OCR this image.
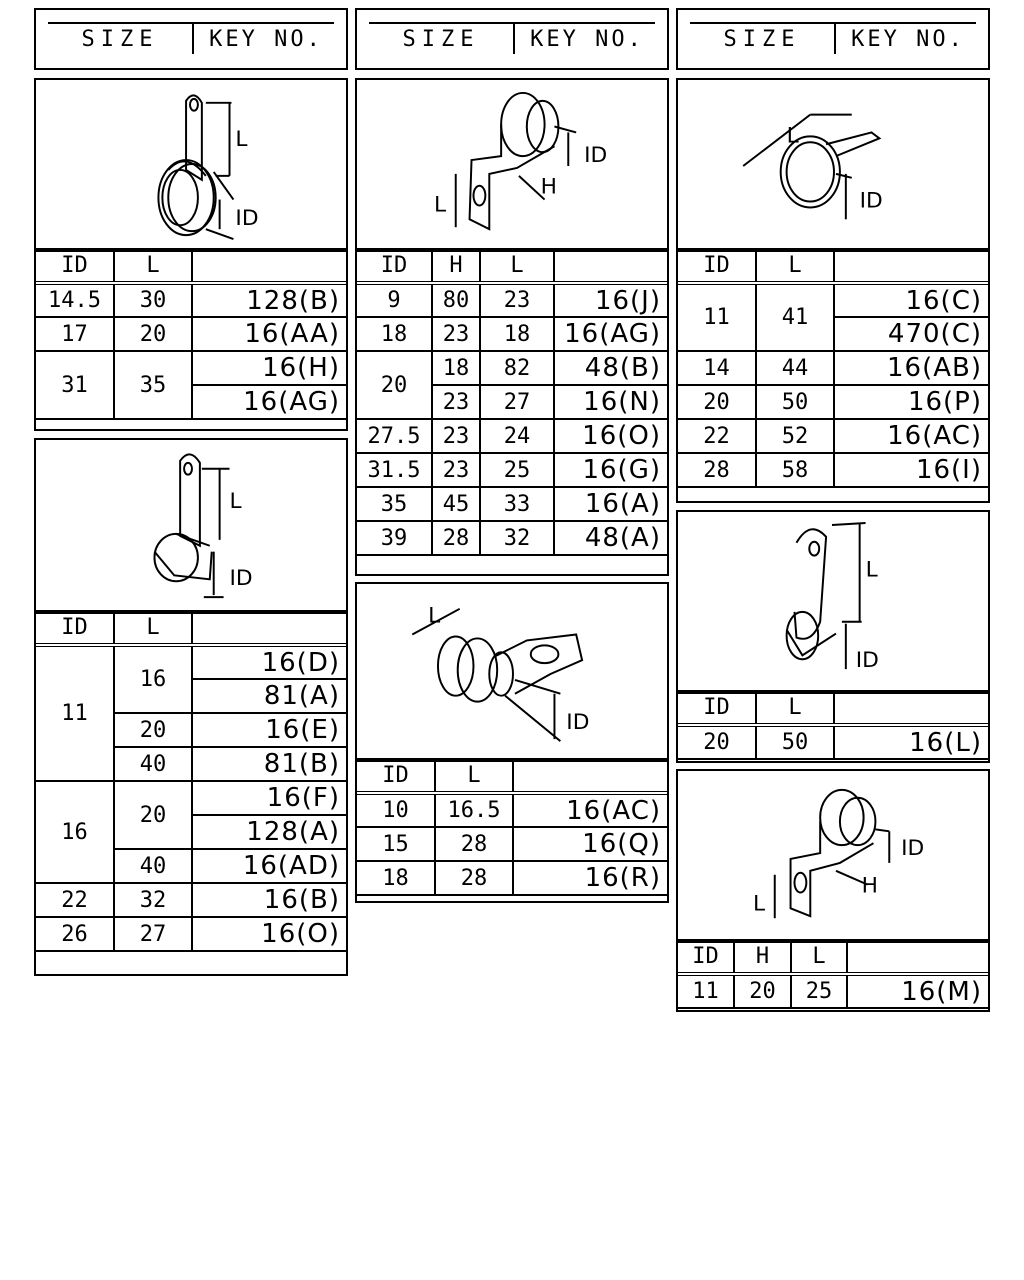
SIZE	KEY NO.
L
ID
ID	L	
14.5	30	128(B)
17	20	16(AA)
31	35	16(H)
		16(AG)
L
ID
ID	L	
11	16	16(D)
		81(A)
	20	16(E)
	40	81(B)
16	20	16(F)
		128(A)
	40	16(AD)
22	32	16(B)
26	27	16(O)
SIZE	KEY NO.
ID
H
L
ID	H	L	
9	80	23	16(J)
18	23	18	16(AG)
20	18	82	48(B)
	23	27	16(N)
27.5	23	24	16(O)
31.5	23	25	16(G)
35	45	33	16(A)
39	28	32	48(A)
L
ID
ID	L	
10	16.5	16(AC)
15	28	16(Q)
18	28	16(R)
SIZE	KEY NO.
L
ID
ID	L	
11	41	16(C)
		470(C)
14	44	16(AB)
20	50	16(P)
22	52	16(AC)
28	58	16(I)
L
ID
ID	L	
20	50	16(L)
ID
H
L
ID	H	L	
11	20	25	16(M)
